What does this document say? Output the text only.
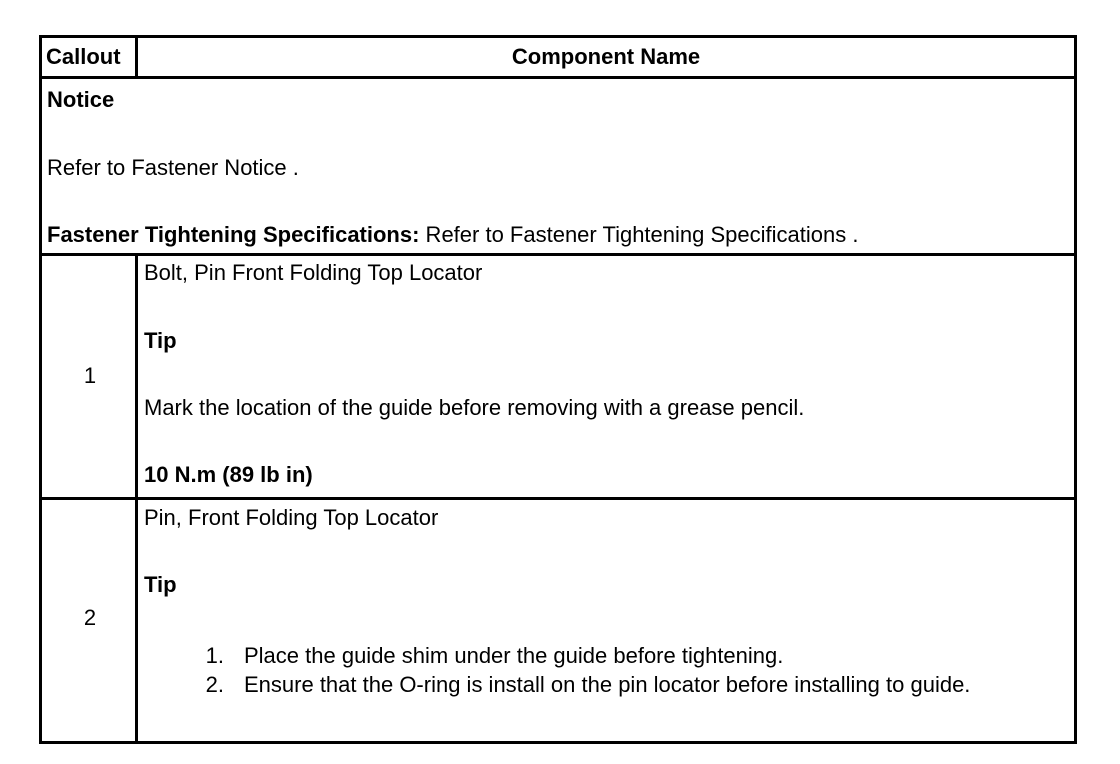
Callout	Component Name
Notice
Refer to Fastener Notice .
Fastener Tightening Specifications: Refer to Fastener Tightening Specifications .
1
Bolt, Pin Front Folding Top Locator
Tip
Mark the location of the guide before removing with a grease pencil.
10 N.m (89 lb in)
2
Pin, Front Folding Top Locator
Tip
1. Place the guide shim under the guide before tightening.
2. Ensure that the O-ring is install on the pin locator before installing to guide.
